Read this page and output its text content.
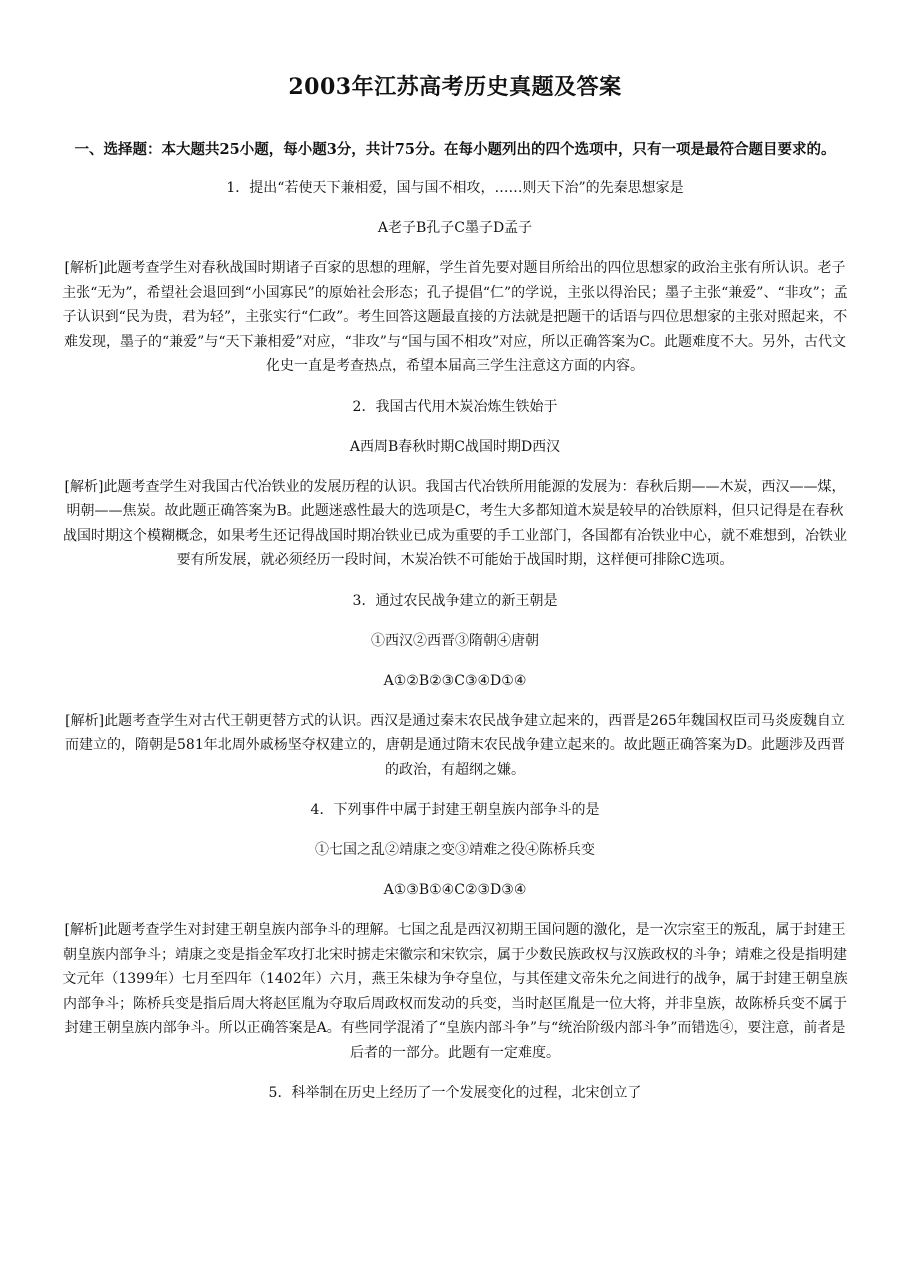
2003年江苏高考历史真题及答案
一、选择题：本大题共25小题，每小题3分，共计75分。在每小题列出的四个选项中，只有一项是最符合题目要求的。
1．提出“若使天下兼相爱，国与国不相攻，……则天下治”的先秦思想家是
A老子B孔子C墨子D孟子
[解析]此题考查学生对春秋战国时期诸子百家的思想的理解，学生首先要对题目所给出的四位思想家的政治主张有所认识。老子主张“无为”，希望社会退回到“小国寡民”的原始社会形态；孔子提倡“仁”的学说，主张以得治民；墨子主张“兼爱”、“非攻”；孟子认识到“民为贵，君为轻”，主张实行“仁政”。考生回答这题最直接的方法就是把题干的话语与四位思想家的主张对照起来，不难发现，墨子的“兼爱”与“天下兼相爱”对应，“非攻”与“国与国不相攻”对应，所以正确答案为C。此题难度不大。另外，古代文化史一直是考查热点，希望本届高三学生注意这方面的内容。
2．我国古代用木炭冶炼生铁始于
A西周B春秋时期C战国时期D西汉
[解析]此题考查学生对我国古代冶铁业的发展历程的认识。我国古代冶铁所用能源的发展为：春秋后期——木炭，西汉——煤，明朝——焦炭。故此题正确答案为B。此题迷惑性最大的选项是C，考生大多都知道木炭是较早的冶铁原料，但只记得是在春秋战国时期这个模糊概念，如果考生还记得战国时期冶铁业已成为重要的手工业部门，各国都有冶铁业中心，就不难想到，冶铁业要有所发展，就必须经历一段时间，木炭冶铁不可能始于战国时期，这样便可排除C选项。
3．通过农民战争建立的新王朝是
①西汉②西晋③隋朝④唐朝
A①②B②③C③④D①④
[解析]此题考查学生对古代王朝更替方式的认识。西汉是通过秦末农民战争建立起来的，西晋是265年魏国权臣司马炎废魏自立而建立的，隋朝是581年北周外戚杨坚夺权建立的，唐朝是通过隋末农民战争建立起来的。故此题正确答案为D。此题涉及西晋的政治，有超纲之嫌。
4．下列事件中属于封建王朝皇族内部争斗的是
①七国之乱②靖康之变③靖难之役④陈桥兵变
A①③B①④C②③D③④
[解析]此题考查学生对封建王朝皇族内部争斗的理解。七国之乱是西汉初期王国问题的激化，是一次宗室王的叛乱，属于封建王朝皇族内部争斗；靖康之变是指金军攻打北宋时掳走宋徽宗和宋钦宗，属于少数民族政权与汉族政权的斗争；靖难之役是指明建文元年（1399年）七月至四年（1402年）六月，燕王朱棣为争夺皇位，与其侄建文帝朱允之间进行的战争，属于封建王朝皇族内部争斗；陈桥兵变是指后周大将赵匡胤为夺取后周政权而发动的兵变，当时赵匡胤是一位大将，并非皇族，故陈桥兵变不属于封建王朝皇族内部争斗。所以正确答案是A。有些同学混淆了“皇族内部斗争”与“统治阶级内部斗争”而错选④，要注意，前者是后者的一部分。此题有一定难度。
5．科举制在历史上经历了一个发展变化的过程，北宋创立了
